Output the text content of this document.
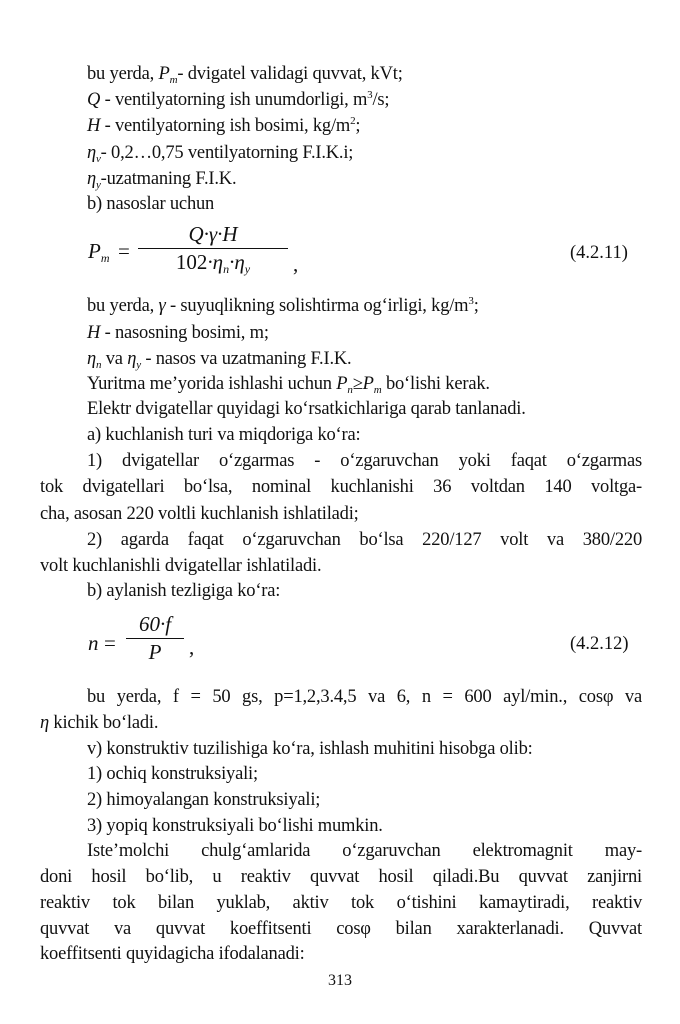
bu yerda, $P_m-$ dvigatel validagi quvvat, kVt;
Q - ventilyatorning ish unumdorligi, $m^3/s$;
H - ventilyatorning ish bosimi, $kg/m^2$;
$\eta_v-$ 0,2…0,75 ventilyatorning F.I.K.i;
$\eta_y$-uzatmaning F.I.K.
b) nasoslar uchun
$P_m$ =
Q·γ·H
$102\cdot\eta_n\cdot\eta_y$	,	(4.2.11)
bu yerda, γ - suyuqlikning solishtirma og‘irligi, $kg/m^3$;
H - nasosning bosimi, m;
$\eta_n$ va $\eta_y$ - nasos va uzatmaning F.I.K.
Yuritma me’yorida ishlashi uchun $P_n\ge P_m$ bo‘lishi kerak.
Elektr dvigatellar quyidagi ko‘rsatkichlariga qarab tanlanadi.
a) kuchlanish turi va miqdoriga ko‘ra:
1) dvigatellar o‘zgarmas - o‘zgaruvchan yoki faqat o‘zgarmas
tok dvigatellari bo‘lsa, nominal kuchlanishi 36 voltdan 140 voltga-
cha, asosan 220 voltli kuchlanish ishlatiladi;
2) agarda faqat o‘zgaruvchan bo‘lsa 220/127 volt va 380/220
volt kuchlanishli dvigatellar ishlatiladi.
b) aylanish tezligiga ko‘ra:
n =
60·f
P	,	(4.2.12)
bu yerda, f = 50 gs, p=1,2,3.4,5 va 6, n = 600 ayl/min., cosφ va
η kichik bo‘ladi.
v) konstruktiv tuzilishiga ko‘ra, ishlash muhitini hisobga olib:
1) ochiq konstruksiyali;
2) himoyalangan konstruksiyali;
3) yopiq konstruksiyali bo‘lishi mumkin.
Iste’molchi chulg‘amlarida o‘zgaruvchan elektromagnit may-
doni hosil bo‘lib, u reaktiv quvvat hosil qiladi.Bu quvvat zanjirni
reaktiv tok bilan yuklab, aktiv tok o‘tishini kamaytiradi, reaktiv
quvvat va quvvat koeffitsenti cosφ bilan xarakterlanadi. Quvvat
koeffitsenti quyidagicha ifodalanadi:
313
